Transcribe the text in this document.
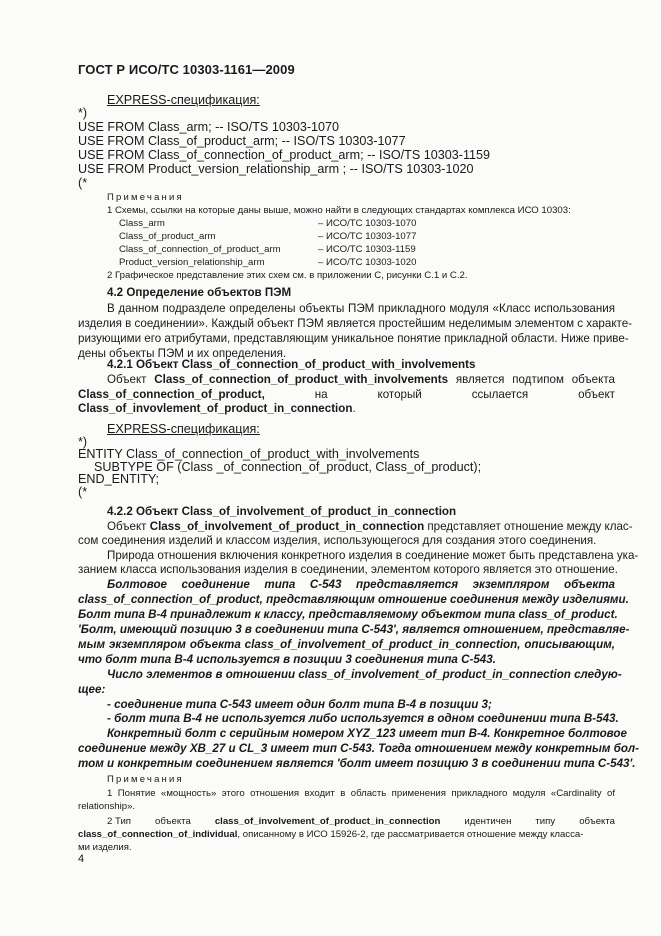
ГОСТ Р ИСО/ТС 10303-1161—2009
EXPRESS-спецификация:
*)
USE FROM Class_arm; -- ISO/TS 10303-1070
USE FROM Class_of_product_arm; -- ISO/TS 10303-1077
USE FROM Class_of_connection_of_product_arm; -- ISO/TS 10303-1159
USE FROM Product_version_relationship_arm ; -- ISO/TS 10303-1020
(*
Примечания
1 Схемы, ссылки на которые даны выше, можно найти в следующих стандартах комплекса ИСО 10303:
Class_arm	– ИСО/ТС 10303-1070
Class_of_product_arm	– ИСО/ТС 10303-1077
Class_of_connection_of_product_arm	– ИСО/ТС 10303-1159
Product_version_relationship_arm	– ИСО/ТС 10303-1020
2 Графическое представление этих схем см. в приложении С, рисунки С.1 и С.2.
4.2 Определение объектов ПЭМ
В данном подразделе определены объекты ПЭМ прикладного модуля «Класс использования
изделия в соединении». Каждый объект ПЭМ является простейшим неделимым элементом с характе-
ризующими его атрибутами, представляющим уникальное понятие прикладной области. Ниже приве-
дены объекты ПЭМ и их определения.
4.2.1 Объект Class_of_connection_of_product_with_involvements
Объект Class_of_connection_of_product_with_involvements является подтипом объекта
Class_of_connection_of_product,	на	который	ссылается	объект
Class_of_invovlement_of_product_in_connection.
EXPRESS-спецификация:
*)
ENTITY Class_of_connection_of_product_with_involvements
SUBTYPE OF (Class _of_connection_of_product, Class_of_product);
END_ENTITY;
(*
4.2.2 Объект Class_of_involvement_of_product_in_connection
Объект Class_of_involvement_of_product_in_connection представляет отношение между клас-
сом соединения изделий и классом изделия, использующегося для создания этого соединения.
Природа отношения включения конкретного изделия в соединение может быть представлена ука-
занием класса использования изделия в соединении, элементом которого является это отношение.
Болтовое соединение типа С-543 представляется экземпляром объекта
class_of_connection_of_product, представляющим отношение соединения между изделиями.
Болт типа В-4 принадлежит к классу, представляемому объектом типа class_of_product.
'Болт, имеющий позицию 3 в соединении типа С-543', является отношением, представляе-
мым экземпляром объекта class_of_involvement_of_product_in_connection, описывающим,
что болт типа В-4 используется в позиции 3 соединения типа С-543.
Число элементов в отношении class_of_involvement_of_product_in_connection следую-
щее:
- соединение типа С-543 имеет один болт типа В-4 в позиции 3;
- болт типа В-4 не используется либо используется в одном соединении типа В-543.
Конкретный болт с серийным номером XYZ_123 имеет тип В-4. Конкретное болтовое
соединение между ХВ_27 и CL_3 имеет тип С-543. Тогда отношением между конкретным бол-
том и конкретным соединением является 'болт имеет позицию 3 в соединении типа С-543'.
Примечания
1 Понятие «мощность» этого отношения входит в область применения прикладного модуля «Cardinality of
relationship».
2 Тип	объекта	class_of_involvement_of_product_in_connection	идентичен	типу	объекта
class_of_connection_of_individual, описанному в ИСО 15926-2, где рассматривается отношение между класса-
ми изделия.
4
